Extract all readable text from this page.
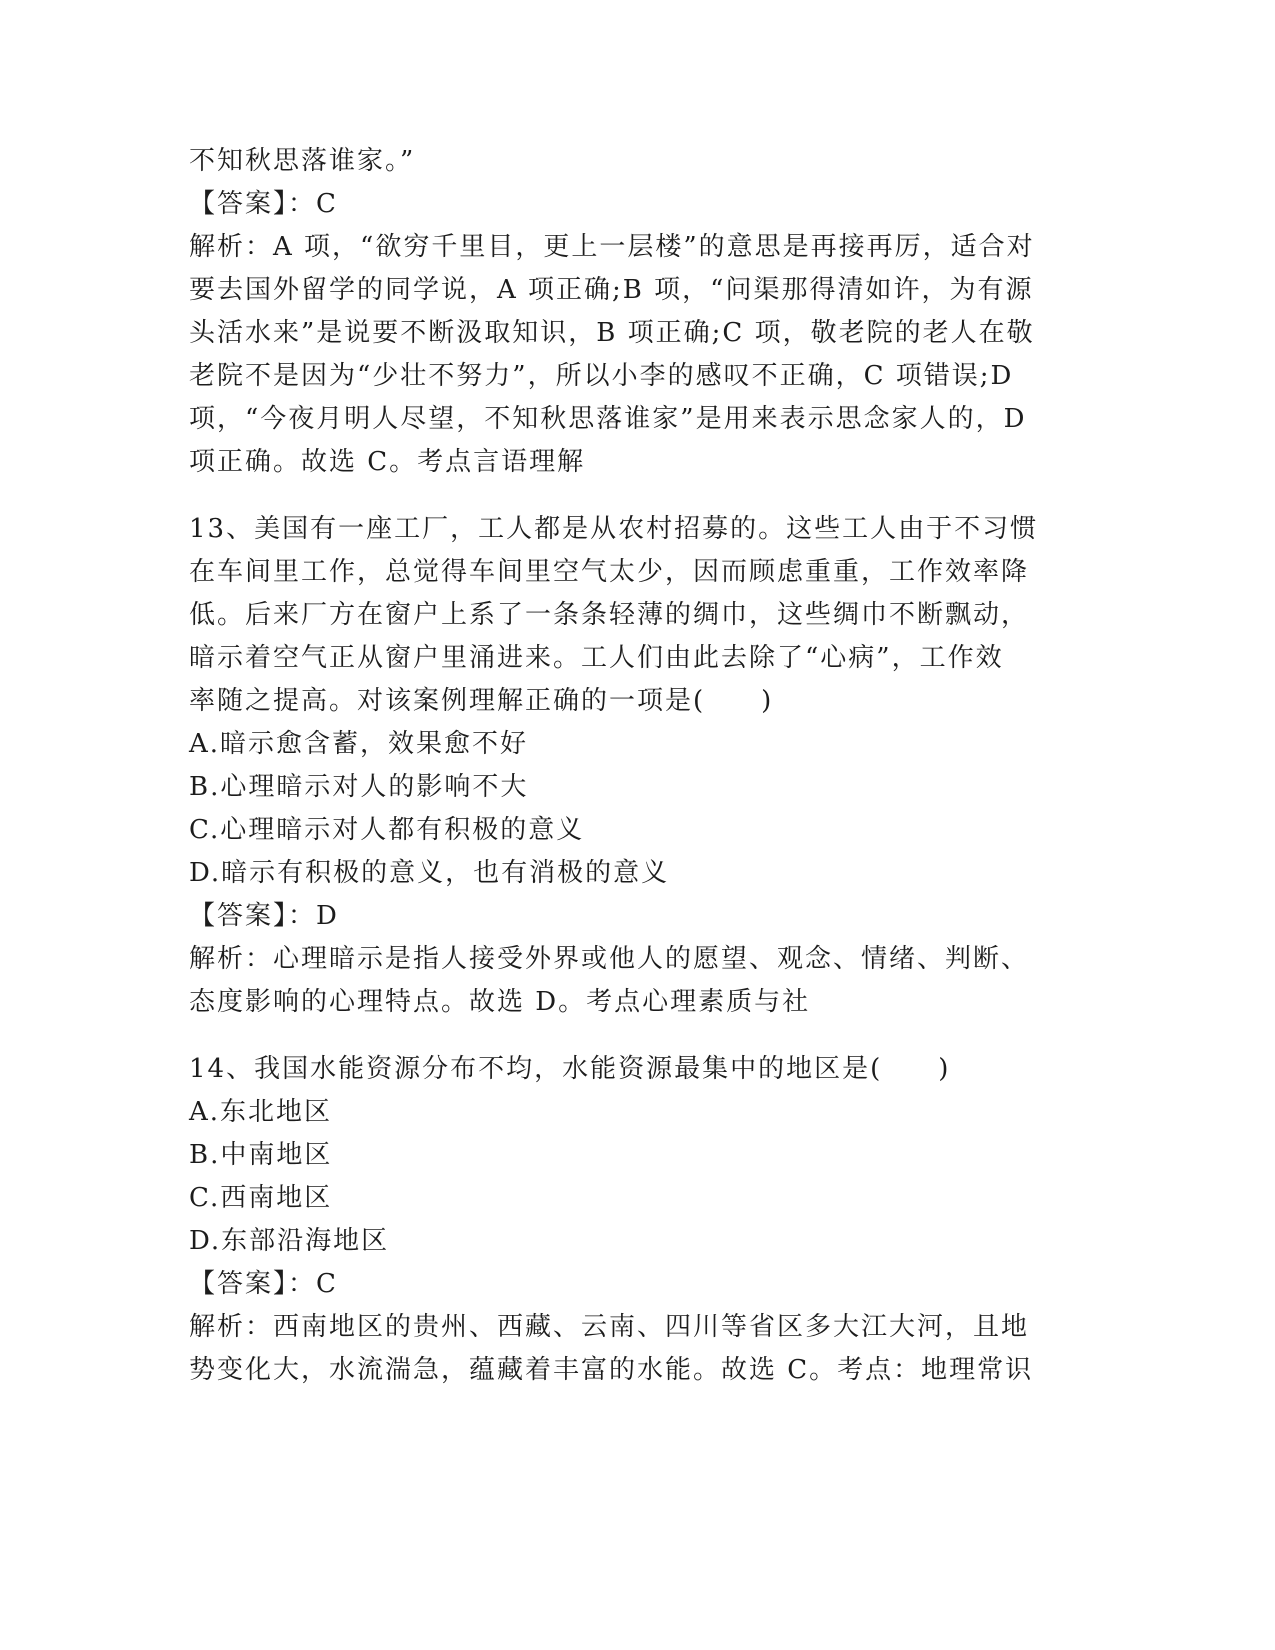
不知秋思落谁家。”
【答案】：C
解析：A 项，“欲穷千里目，更上一层楼”的意思是再接再厉，适合对
要去国外留学的同学说，A 项正确;B 项，“问渠那得清如许，为有源
头活水来”是说要不断汲取知识，B 项正确;C 项，敬老院的老人在敬
老院不是因为“少壮不努力”，所以小李的感叹不正确，C 项错误;D
项，“今夜月明人尽望，不知秋思落谁家”是用来表示思念家人的，D
项正确。故选 C。考点言语理解
13、美国有一座工厂，工人都是从农村招募的。这些工人由于不习惯
在车间里工作，总觉得车间里空气太少，因而顾虑重重，工作效率降
低。后来厂方在窗户上系了一条条轻薄的绸巾，这些绸巾不断飘动，
暗示着空气正从窗户里涌进来。工人们由此去除了“心病”，工作效
率随之提高。对该案例理解正确的一项是(　　)
A.暗示愈含蓄，效果愈不好
B.心理暗示对人的影响不大
C.心理暗示对人都有积极的意义
D.暗示有积极的意义，也有消极的意义
【答案】：D
解析：心理暗示是指人接受外界或他人的愿望、观念、情绪、判断、
态度影响的心理特点。故选 D。考点心理素质与社
14、我国水能资源分布不均，水能资源最集中的地区是(　　)
A.东北地区
B.中南地区
C.西南地区
D.东部沿海地区
【答案】：C
解析：西南地区的贵州、西藏、云南、四川等省区多大江大河，且地
势变化大，水流湍急，蕴藏着丰富的水能。故选 C。考点：地理常识
